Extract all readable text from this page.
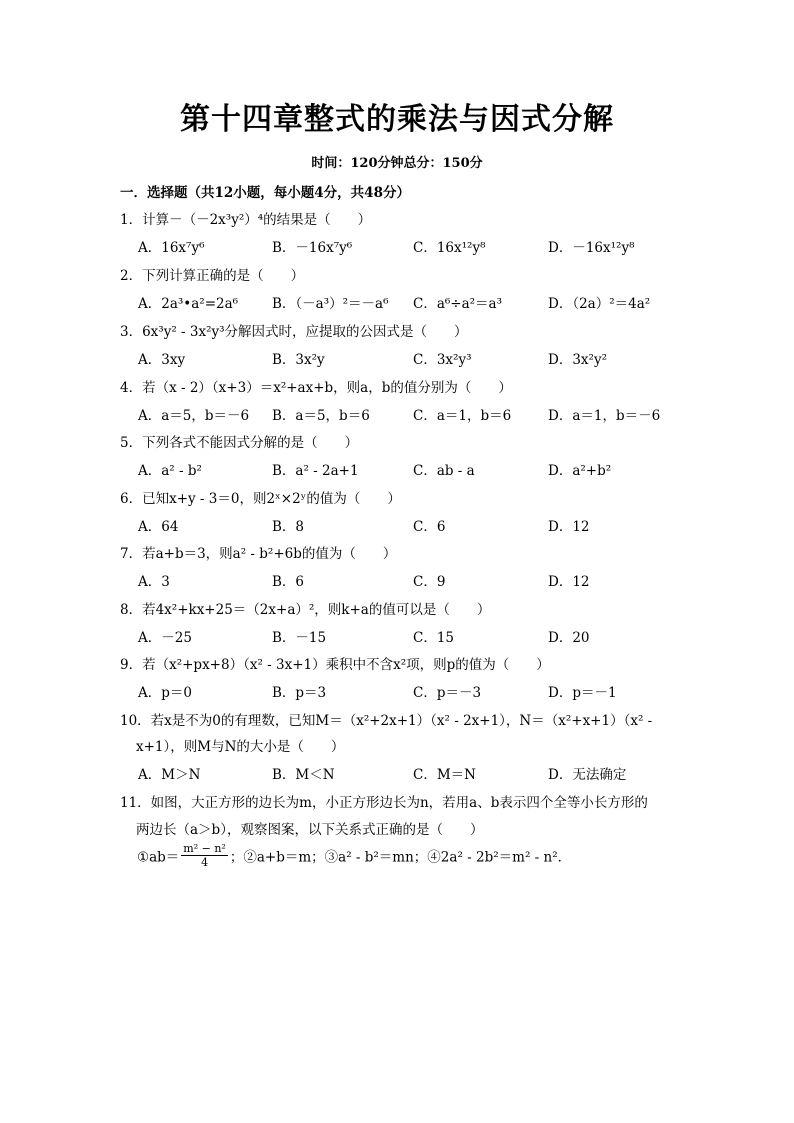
第十四章整式的乘法与因式分解
时间：120分钟总分：150分
一．选择题（共12小题，每小题4分，共48分）
1．计算－（－2x³y²）⁴的结果是（　　）
A．16x⁷y⁶	B．－16x⁷y⁶	C．16x¹²y⁸	D．－16x¹²y⁸
2．下列计算正确的是（　　）
A．2a³•a²=2a⁶	B．（－a³）²＝－a⁶ C．a⁶÷a²＝a³	D．（2a）²＝4a²
3．6x³y² - 3x²y³分解因式时，应提取的公因式是（　　）
A．3xy	B．3x²y	C．3x²y³	D．3x²y²
4．若（x - 2）（x+3）＝x²+ax+b，则a，b的值分别为（　　）
A．a＝5，b＝－6 B．a＝5，b＝6	C．a＝1，b＝6	D．a＝1，b＝－6
5．下列各式不能因式分解的是（　　）
A．a² - b²	B．a² - 2a+1	C．ab - a	D．a²+b²
6．已知x+y - 3＝0，则2ˣ×2ʸ的值为（　　）
A．64	B．8	C．6	D．12
7．若a+b＝3，则a² - b²+6b的值为（　　）
A．3	B．6	C．9	D．12
8．若4x²+kx+25＝（2x+a）²，则k+a的值可以是（　　）
A．－25	B．－15	C．15	D．20
9．若（x²+px+8）（x² - 3x+1）乘积中不含x²项，则p的值为（　　）
A．p＝0	B．p＝3	C．p＝－3	D．p＝－1
10．若x是不为0的有理数，已知M＝（x²+2x+1）（x² - 2x+1），N＝（x²+x+1）（x² -
x+1），则M与N的大小是（　　）
A．M＞N	B．M＜N	C．M＝N	D．无法确定
11．如图，大正方形的边长为m，小正方形边长为n，若用a、b表示四个全等小长方形的
两边长（a＞b），观察图案，以下关系式正确的是（　　）
①ab＝ $\frac{\text{m² − n²}}{4}$ ；②a+b＝m；③a² - b²＝mn；④2a² - 2b²＝m² - n²．
